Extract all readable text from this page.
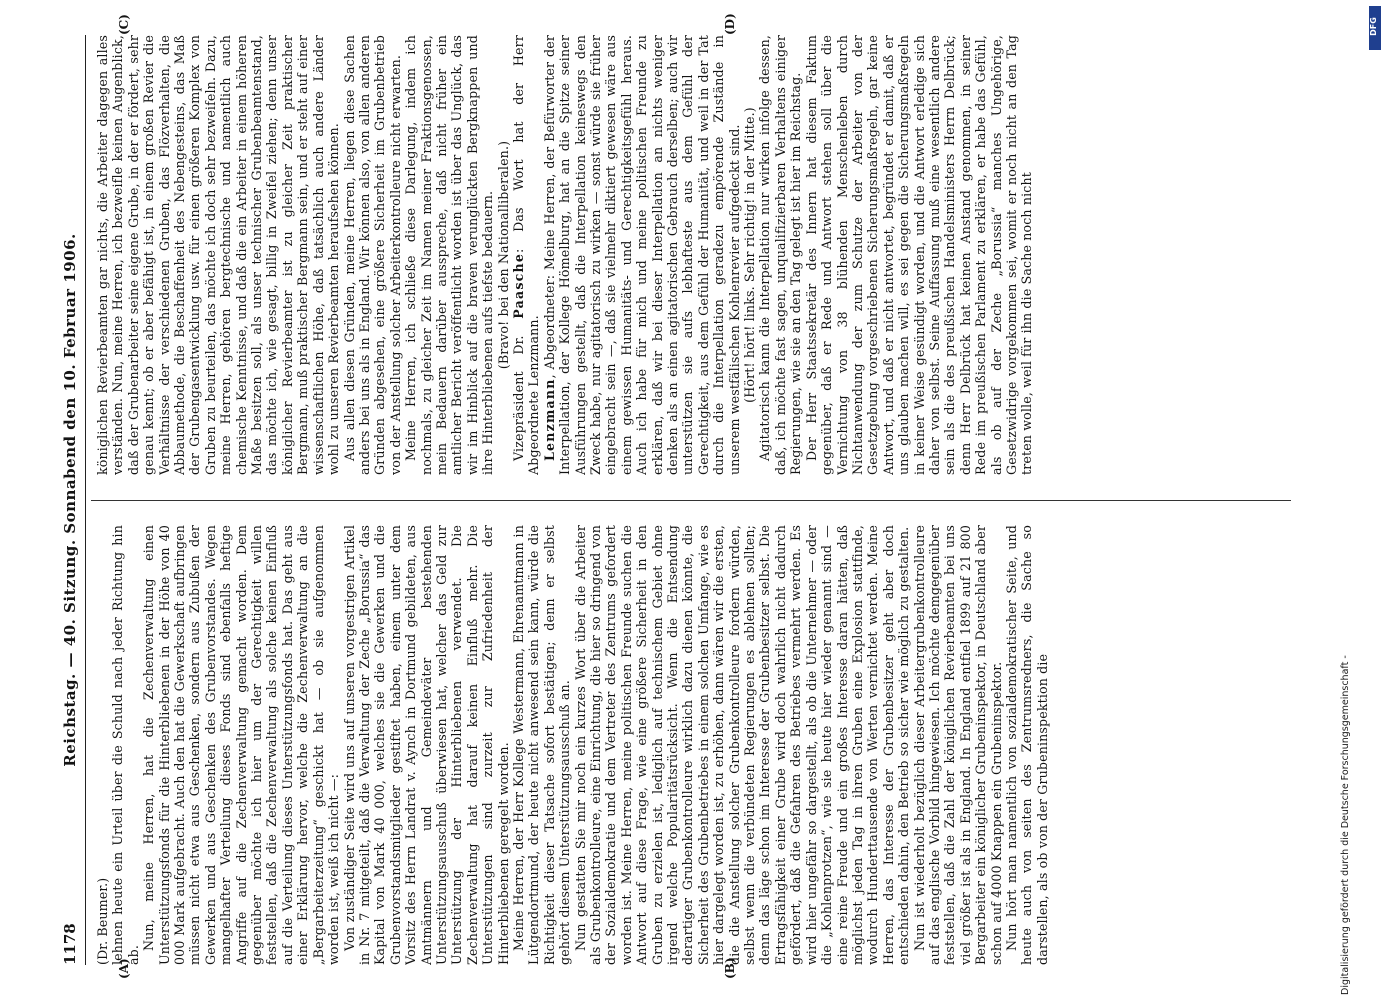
1178
Reichstag. — 40. Sitzung. Sonnabend den 10. Februar 1906.

(Dr. Beumer.) lehnen heute ein Urteil über die Schuld nach jeder Richtung hin ab.

Nun, meine Herren, hat die Zechenverwaltung einen Unterstützungsfonds für die Hinterbliebenen in der Höhe von 40 000 Mark aufgebracht. Auch den hat die Gewerkschaft aufbringen müssen nicht etwa aus Geschenken, sondern aus Zubußen der Gewerken und aus Geschenken des Grubenvorstandes. Wegen mangelhafter Verteilung dieses Fonds sind ebenfalls heftige Angriffe auf die Zechenverwaltung gemacht worden. Dem gegenüber möchte ich hier um der Gerechtigkeit willen feststellen, daß die Zechenverwaltung als solche keinen Einfluß auf die Verteilung dieses Unterstützungsfonds hat. Das geht aus einer Erklärung hervor, welche die Zechenverwaltung an die „Bergarbeiterzeitung“ geschickt hat — ob sie aufgenommen worden ist, weiß ich nicht —: Von zuständiger Seite wird uns auf unseren vorgestrigen Artikel in Nr. 7 mitgeteilt, daß die Verwaltung der Zeche „Borussia“ das Kapital von Mark 40 000, welches sie die Gewerken und die Grubenvorstandsmitglieder gestiftet haben, einem unter dem Vorsitz des Herrn Landrat v. Aynch in Dortmund gebildeten, aus Amtmännern und Gemeindeväter bestehenden Unterstützungsausschuß überwiesen hat, welcher das Geld zur Unterstützung der Hinterbliebenen verwendet. Die Zechenverwaltung hat darauf keinen Einfluß mehr. Die Unterstützungen sind zurzeit zur Zufriedenheit der Hinterbliebenen geregelt worden. Meine Herren, der Herr Kollege Westermann, Ehrenamtmann in Lütgendortmund, der heute nicht anwesend sein kann, würde die Richtigkeit dieser Tatsache sofort bestätigen; denn er selbst gehört diesem Unterstützungsausschuß an. Nun gestatten Sie mir noch ein kurzes Wort über die Arbeiter als Grubenkontrolleure, eine Einrichtung, die hier so dringend von der Sozialdemokratie und dem Vertreter des Zentrums gefordert worden ist. Meine Herren, meine politischen Freunde suchen die Antwort auf diese Frage, wie eine größere Sicherheit in den Gruben zu erzielen ist, lediglich auf technischem Gebiet ohne irgend welche Popularitätsrücksicht. Wenn die Entsendung derartiger Grubenkontrolleure wirklich dazu dienen könnte, die Sicherheit des Grubenbetriebes in einem solchen Umfange, wie es hier dargelegt worden ist, zu erhöhen, dann wären wir die ersten, die die Anstellung solcher Grubenkontrolleure fordern würden, selbst wenn die verbündeten Regierungen es ablehnen sollten; denn das läge schon im Interesse der Grubenbesitzer selbst. Die Ertragsfähigkeit einer Grube wird doch wahrlich nicht dadurch gefördert, daß die Gefahren des Betriebes vermehrt werden. Es wird hier ungefähr so dargestellt, als ob die Unternehmer — oder die „Kohlenprotzen“, wie sie heute hier wieder genannt sind — eine reine Freude und ein großes Interesse daran hätten, daß möglichst jeden Tag in ihren Gruben eine Explosion stattfinde, wodurch Hunderttausende von Werten vernichtet werden. Meine Herren, das Interesse der Grubenbesitzer geht aber doch entschieden dahin, den Betrieb so sicher wie möglich zu gestalten. Nun ist wiederholt bezüglich dieser Arbeitergrubenkontrolleure auf das englische Vorbild hingewiesen. Ich möchte demgegenüber feststellen, daß die Zahl der königlichen Revierbeamten bei uns viel größer ist als in England. In England entfiel 1899 auf 21 800 Bergarbeiter ein königlicher Grubeninspektor, in Deutschland aber schon auf 4000 Knappen ein Grubeninspektor. Nun hört man namentlich von sozialdemokratischer Seite, und heute auch von seiten des Zentrumsredners, die Sache so darstellen, als ob von der Grubeninspektion die

königlichen Revierbeamten gar nichts, die Arbeiter dagegen alles verständen. Nun, meine Herren, ich bezweifle keinen Augenblick, daß der Grubenarbeiter seine eigene Grube, in der er fördert, sehr genau kennt; ob er aber befähigt ist, in einem großen Revier die Verhältnisse der verschiedenen Gruben, das Flözverhalten, die Abbaumethode, die Beschaffenheit des Nebengesteins, das Maß der Grubengasentwicklung usw. für einen größeren Komplex von Gruben zu beurteilen, das möchte ich doch sehr bezweifeln. Dazu, meine Herren, gehören bergtechnische und namentlich auch chemische Kenntnisse, und daß die ein Arbeiter in einem höheren Maße besitzen soll, als unser technischer Grubenbeamtenstand, das möchte ich, wie gesagt, billig in Zweifel ziehen; denn unser königlicher Revierbeamter ist zu gleicher Zeit praktischer Bergmann, muß praktischer Bergmann sein, und er steht auf einer wissenschaftlichen Höhe, daß tatsächlich auch andere Länder wohl zu unseren Revierbeamten heraufsehen können. Aus allen diesen Gründen, meine Herren, liegen diese Sachen anders bei uns als in England. Wir können also, von allen anderen Gründen abgesehen, eine größere Sicherheit im Grubenbetrieb von der Anstellung solcher Arbeiterkontrolleure nicht erwarten. Meine Herren, ich schließe diese Darlegung, indem ich nochmals, zu gleicher Zeit im Namen meiner Fraktionsgenossen, mein Bedauern darüber ausspreche, daß nicht früher ein amtlicher Bericht veröffentlicht worden ist über das Unglück, das wir im Hinblick auf die braven verunglückten Bergknappen und ihre Hinterbliebenen aufs tiefste bedauern. (Bravo! bei den Nationalliberalen.)

Vizepräsident Dr. Paasche: Das Wort hat der Herr Abgeordnete Lenzmann. Lenzmann, Abgeordneter: Meine Herren, der Befürworter der Interpellation, der Kollege Hömelburg, hat an die Spitze seiner Ausführungen gestellt, daß die Interpellation keineswegs den Zweck habe, nur agitatorisch zu wirken — sonst würde sie früher eingebracht sein —, daß sie vielmehr diktiert gewesen wäre aus einem gewissen Humanitäts- und Gerechtigkeitsgefühl heraus. Auch ich habe für mich und meine politischen Freunde zu erklären, daß wir bei dieser Interpellation an nichts weniger denken als an einen agitatorischen Gebrauch derselben; auch wir unterstützen sie aufs lebhafteste aus dem Gefühl der Gerechtigkeit, aus dem Gefühl der Humanität, und weil in der Tat durch die Interpellation geradezu empörende Zustände in unserem westfälischen Kohlenrevier aufgedeckt sind. (Hört! hört! links. Sehr richtig! in der Mitte.) Agitatorisch kann die Interpellation nur wirken infolge dessen, daß, ich möchte fast sagen, unqualifizierbaren Verhaltens einiger Regierungen, wie sie an den Tag gelegt ist hier im Reichstag. Der Herr Staatssekretär des Innern hat diesem Faktum gegenüber, daß er Rede und Antwort stehen soll über die Vernichtung von 38 blühenden Menschenleben durch Nichtanwendung der zum Schutze der Arbeiter von der Gesetzgebung vorgeschriebenen Sicherungsmaßregeln, gar keine Antwort, und daß er nicht antwortet, begründet er damit, daß er uns glauben machen will, es sei gegen die Sicherungsmaßregeln in keiner Weise gesündigt worden, und die Antwort erledige sich daher von selbst. Seine Auffassung muß eine wesentlich andere sein als die des preußischen Handelsministers Herrn Delbrück; denn Herr Delbrück hat keinen Anstand genommen, in seiner Rede im preußischen Parlament zu erklären, er habe das Gefühl, als ob auf der Zeche „Borussia“ manches Ungehörige, Gesetzwidrige vorgekommen sei, womit er noch nicht an den Tag treten wolle, weil für ihn die Sache noch nicht

(A)	(B)
(C)	(D)
Digitalisierung gefördert durch die Deutsche Forschungsgemeinschaft -
DFG
